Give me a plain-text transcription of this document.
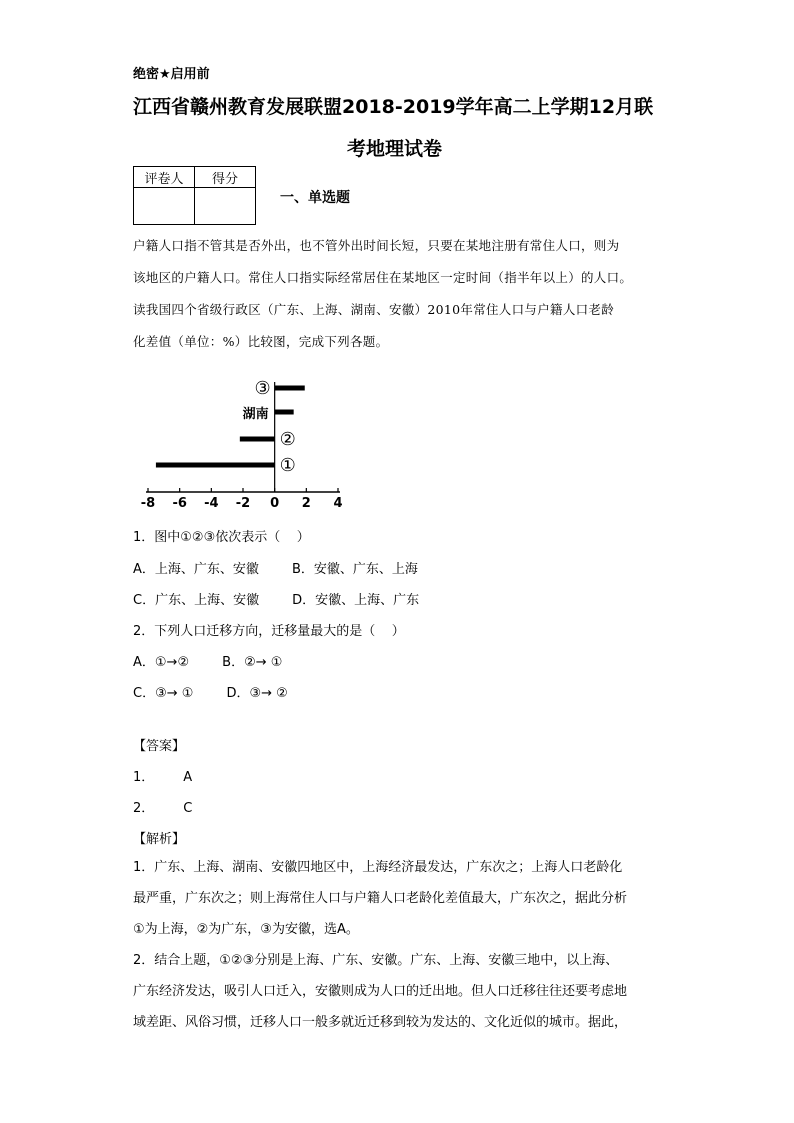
绝密★启用前
江西省赣州教育发展联盟2018-2019学年高二上学期12月联
考地理试卷
评卷人	得分

一、单选题

户籍人口指不管其是否外出，也不管外出时间长短，只要在某地注册有常住人口，则为

该地区的户籍人口。常住人口指实际经常居住在某地区一定时间（指半年以上）的人口。

读我国四个省级行政区（广东、上海、湖南、安徽）2010年常住人口与户籍人口老龄

化差值（单位：%）比较图，完成下列各题。

-8 -6 -4 -2 0 2 4
③
湖南
②
①
1．图中①②③依次表示（    ）
A．上海、广东、安徽        B．安徽、广东、上海
C．广东、上海、安徽        D．安徽、上海、广东
2．下列人口迁移方向，迁移量最大的是（    ）
A．①→②        B．②→ ①
C．③→ ①        D．③→ ②
【答案】
1．       A
2．       C
【解析】

1．广东、上海、湖南、安徽四地区中，上海经济最发达，广东次之；上海人口老龄化

最严重，广东次之；则上海常住人口与户籍人口老龄化差值最大，广东次之，据此分析

①为上海，②为广东，③为安徽，选A。

2．结合上题，①②③分别是上海、广东、安徽。广东、上海、安徽三地中，以上海、

广东经济发达，吸引人口迁入，安徽则成为人口的迁出地。但人口迁移往往还要考虑地

域差距、风俗习惯，迁移人口一般多就近迁移到较为发达的、文化近似的城市。据此，
